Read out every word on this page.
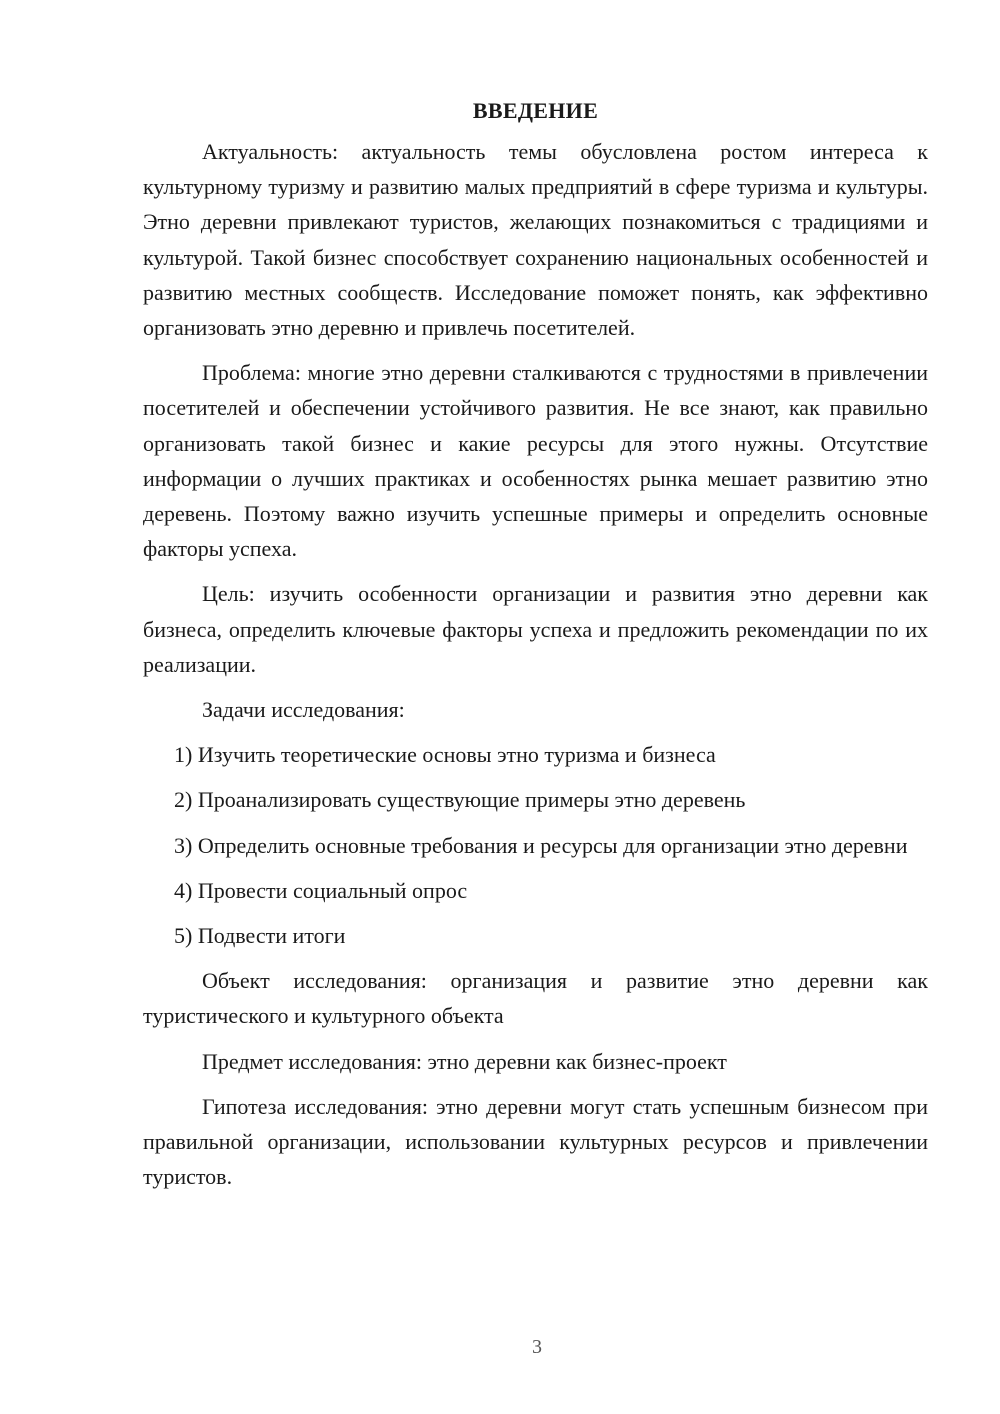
ВВЕДЕНИЕ

Актуальность: актуальность темы обусловлена ростом интереса к культурному туризму и развитию малых предприятий в сфере туризма и культуры. Этно деревни привлекают туристов, желающих познакомиться с традициями и культурой. Такой бизнес способствует сохранению национальных особенностей и развитию местных сообществ. Исследование поможет понять, как эффективно организовать этно деревню и привлечь посетителей.

Проблема: многие этно деревни сталкиваются с трудностями в привлечении посетителей и обеспечении устойчивого развития. Не все знают, как правильно организовать такой бизнес и какие ресурсы для этого нужны. Отсутствие информации о лучших практиках и особенностях рынка мешает развитию этно деревень. Поэтому важно изучить успешные примеры и определить основные факторы успеха.

Цель: изучить особенности организации и развития этно деревни как бизнеса, определить ключевые факторы успеха и предложить рекомендации по их реализации.

Задачи исследования:

1) Изучить теоретические основы этно туризма и бизнеса

2) Проанализировать существующие примеры этно деревень

3) Определить основные требования и ресурсы для организации этно деревни

4) Провести социальный опрос

5) Подвести итоги

Объект исследования: организация и развитие этно деревни как туристического и культурного объекта

Предмет исследования: этно деревни как бизнес-проект

Гипотеза исследования: этно деревни могут стать успешным бизнесом при правильной организации, использовании культурных ресурсов и привлечении туристов.

3
